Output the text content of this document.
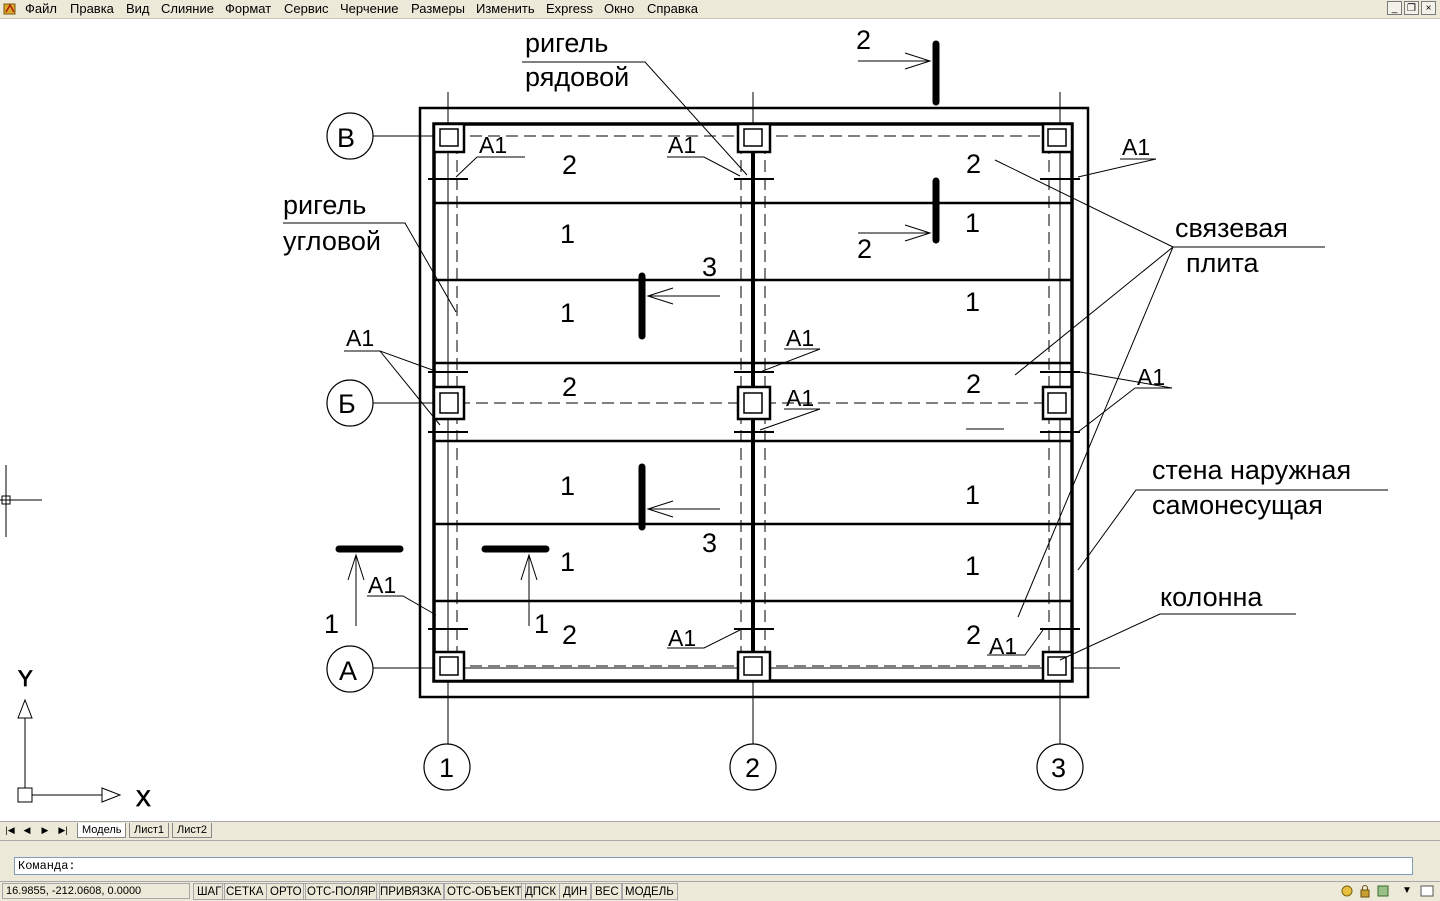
Файл Правка Вид Слияние Формат Сервис Черчение Размеры Изменить Express Окно Справка	_ ❐ ×
В
Б
А
1	2	3
ригель
рядовой
ригель
угловой	связевая
плита
стена наружная
самонесущая
колонна
А1	А1	А1
А1	А1
А1
А1
А1
А1	А1
2
1
1
2
1
1
2
2
1
1
2
1
1
2
2
2
3
3
1	1
Y
X
|◀ ◀	▶	▶|	Модель	Лист1	Лист2
Команда:
16.9855, -212.0608, 0.0000	ШАГ СЕТКА ОРТО ОТС-ПОЛЯР ПРИВЯЗКА ОТС-ОБЪЕКТ ДПСК ДИН ВЕС МОДЕЛЬ	▼
